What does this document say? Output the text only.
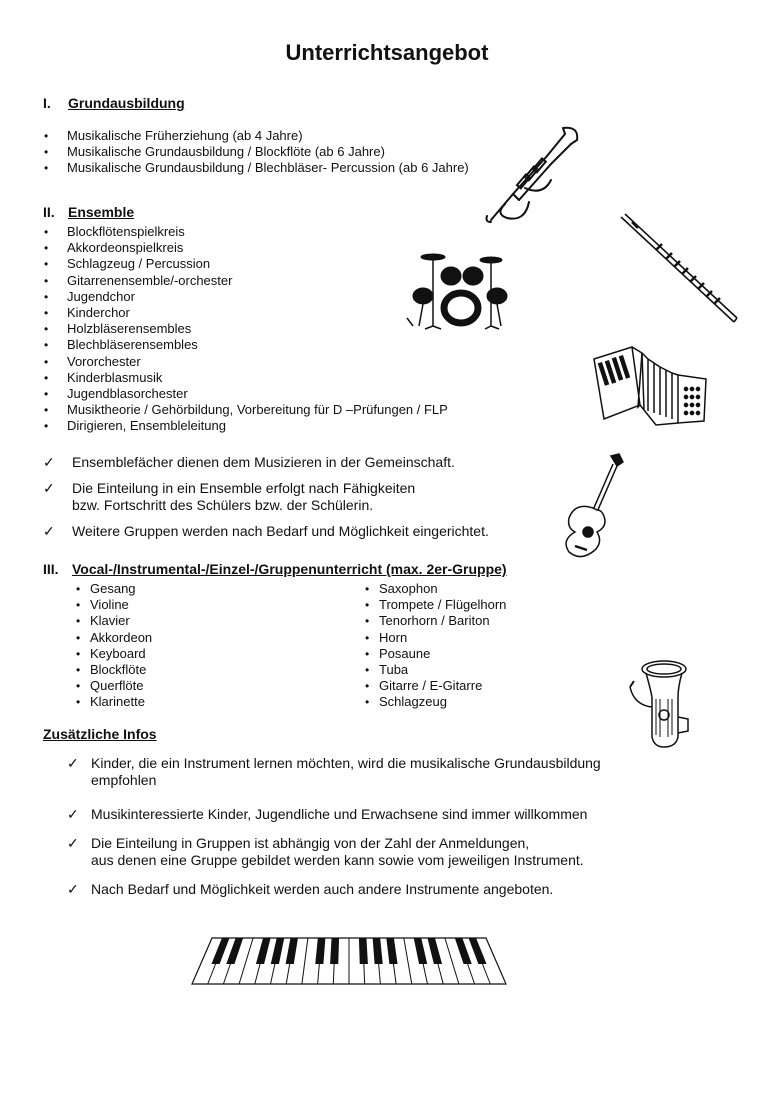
Unterrichtsangebot
I. Grundausbildung
• Musikalische Früherziehung (ab 4 Jahre)
• Musikalische Grundausbildung / Blockflöte (ab 6 Jahre)
• Musikalische Grundausbildung / Blechbläser- Percussion (ab 6 Jahre)
II. Ensemble
• Blockflötenspielkreis
• Akkordeonspielkreis
• Schlagzeug / Percussion
• Gitarrenensemble/-orchester
• Jugendchor
• Kinderchor
• Holzbläserensembles
• Blechbläserensembles
• Vororchester
• Kinderblasmusik
• Jugendblasorchester
• Musiktheorie / Gehörbildung, Vorbereitung für D –Prüfungen / FLP
• Dirigieren, Ensembleleitung
✓ Ensemblefächer dienen dem Musizieren in der Gemeinschaft.
✓ Die Einteilung in ein Ensemble erfolgt nach Fähigkeiten
bzw. Fortschritt des Schülers bzw. der Schülerin.
✓ Weitere Gruppen werden nach Bedarf und Möglichkeit eingerichtet.
III. Vocal-/Instrumental-/Einzel-/Gruppenunterricht (max. 2er-Gruppe)
• Gesang
• Violine
• Klavier
• Akkordeon
• Keyboard
• Blockflöte
• Querflöte
• Klarinette
• Saxophon
• Trompete / Flügelhorn
• Tenorhorn / Bariton
• Horn
• Posaune
• Tuba
• Gitarre / E-Gitarre
• Schlagzeug
Zusätzliche Infos
✓ Kinder, die ein Instrument lernen möchten, wird die musikalische Grundausbildung
empfohlen
✓ Musikinteressierte Kinder, Jugendliche und Erwachsene sind immer willkommen
✓ Die Einteilung in Gruppen ist abhängig von der Zahl der Anmeldungen,
aus denen eine Gruppe gebildet werden kann sowie vom jeweiligen Instrument.
✓ Nach Bedarf und Möglichkeit werden auch andere Instrumente angeboten.
